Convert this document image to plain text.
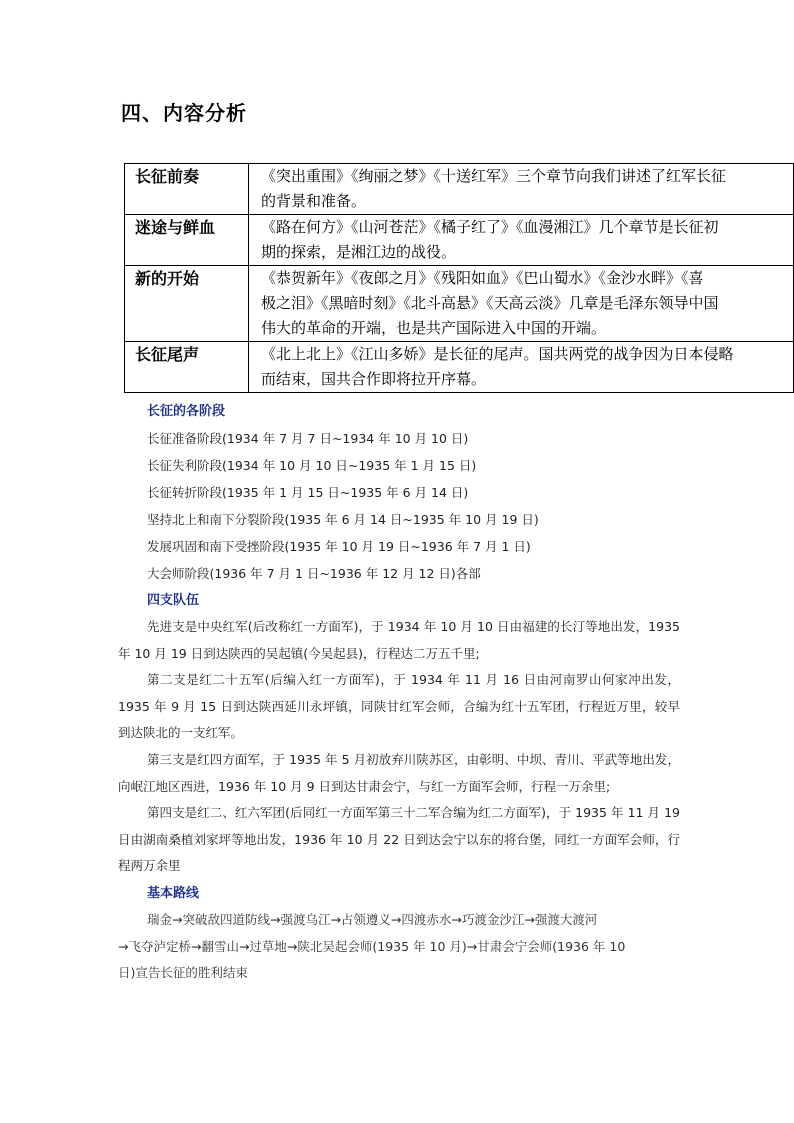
四、内容分析
长征前奏	《突出重围》《绚丽之梦》《十送红军》三个章节向我们讲述了红军长征
的背景和准备。

迷途与鲜血	《路在何方》《山河苍茫》《橘子红了》《血漫湘江》几个章节是长征初
期的探索，是湘江边的战役。

新的开始	《恭贺新年》《夜郎之月》《残阳如血》《巴山蜀水》《金沙水畔》《喜
极之泪》《黑暗时刻》《北斗高悬》《天高云淡》几章是毛泽东领导中国
伟大的革命的开端，也是共产国际进入中国的开端。

长征尾声	《北上北上》《江山多娇》是长征的尾声。国共两党的战争因为日本侵略
而结束，国共合作即将拉开序幕。
长征的各阶段
长征准备阶段(1934 年 7 月 7 日~1934 年 10 月 10 日)
长征失利阶段(1934 年 10 月 10 日~1935 年 1 月 15 日)
长征转折阶段(1935 年 1 月 15 日~1935 年 6 月 14 日)
坚持北上和南下分裂阶段(1935 年 6 月 14 日~1935 年 10 月 19 日)
发展巩固和南下受挫阶段(1935 年 10 月 19 日~1936 年 7 月 1 日)
大会师阶段(1936 年 7 月 1 日~1936 年 12 月 12 日)各部
四支队伍

先进支是中央红军(后改称红一方面军)，于 1934 年 10 月 10 日由福建的长汀等地出发，1935 年 10 月 19 日到达陕西的吴起镇(今吴起县)，行程达二万五千里;

第二支是红二十五军(后编入红一方面军)，于 1934 年 11 月 16 日由河南罗山何家冲出发，1935 年 9 月 15 日到达陕西延川永坪镇，同陕甘红军会师，合编为红十五军团，行程近万里，较早到达陕北的一支红军。

第三支是红四方面军，于 1935 年 5 月初放弃川陕苏区，由彰明、中坝、青川、平武等地出发，向岷江地区西进，1936 年 10 月 9 日到达甘肃会宁，与红一方面军会师，行程一万余里;

第四支是红二、红六军团(后同红一方面军第三十二军合编为红二方面军)，于 1935 年 11 月 19 日由湖南桑植刘家坪等地出发，1936 年 10 月 22 日到达会宁以东的将台堡，同红一方面军会师，行程两万余里

基本路线

瑞金→突破敌四道防线→强渡乌江→占领遵义→四渡赤水→巧渡金沙江→强渡大渡河
→飞夺泸定桥→翻雪山→过草地→陕北吴起会师(1935 年 10 月)→甘肃会宁会师(1936 年 10
日)宣告长征的胜利结束
